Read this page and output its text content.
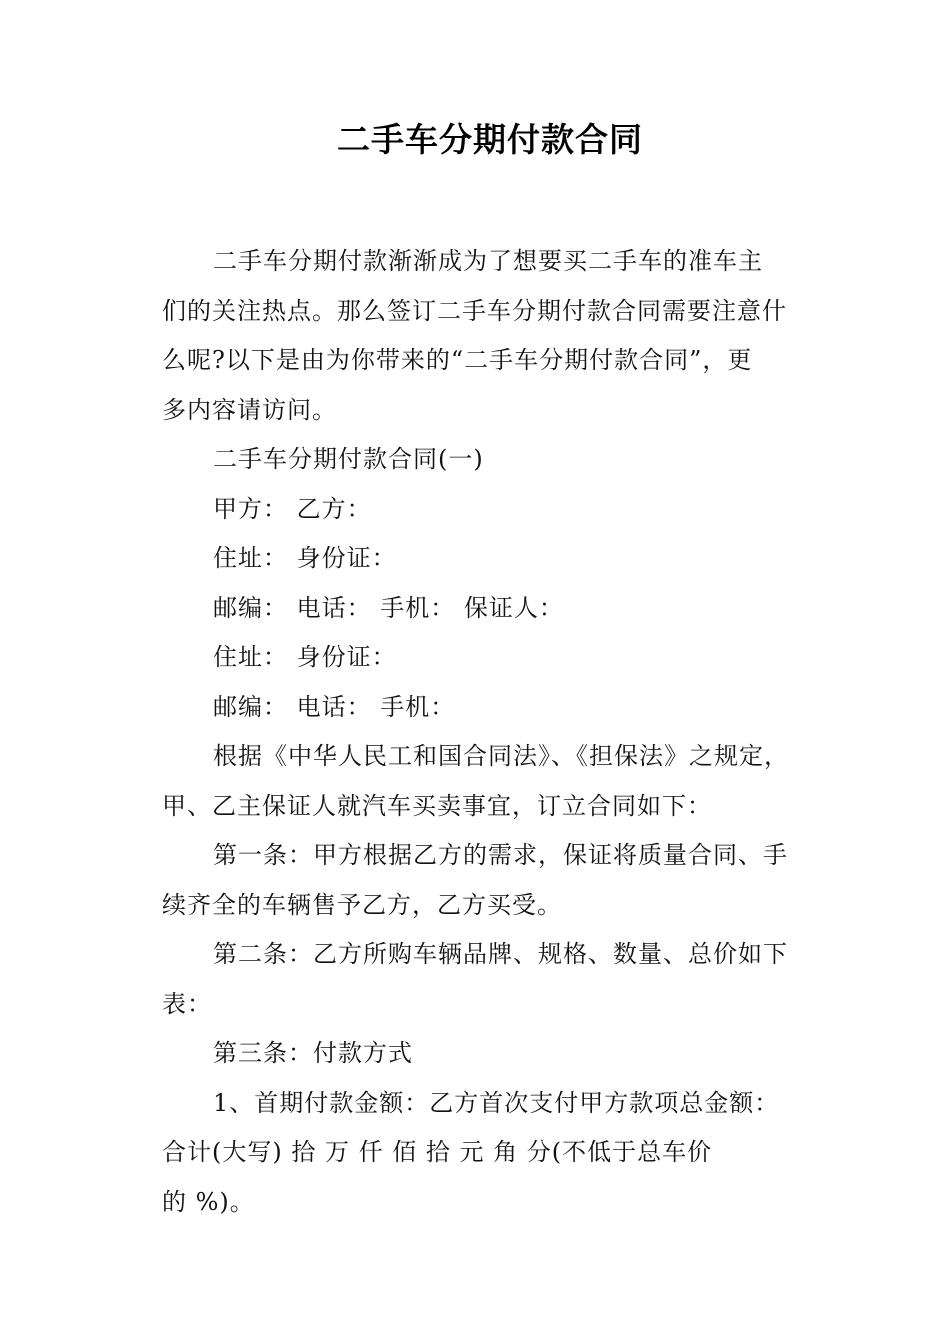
二手车分期付款合同
二手车分期付款渐渐成为了想要买二手车的准车主
们的关注热点。那么签订二手车分期付款合同需要注意什
么呢?以下是由为你带来的“二手车分期付款合同”，更
多内容请访问。
二手车分期付款合同(一)
甲方： 乙方：
住址： 身份证：
邮编： 电话： 手机： 保证人：
住址： 身份证：
邮编： 电话： 手机：
根据《中华人民工和国合同法》、《担保法》之规定，
甲、乙主保证人就汽车买卖事宜，订立合同如下：
第一条：甲方根据乙方的需求，保证将质量合同、手
续齐全的车辆售予乙方，乙方买受。
第二条：乙方所购车辆品牌、规格、数量、总价如下
表：
第三条：付款方式
1、首期付款金额：乙方首次支付甲方款项总金额：
合计(大写) 拾 万 仟 佰 拾 元 角 分(不低于总车价
的 %)。
